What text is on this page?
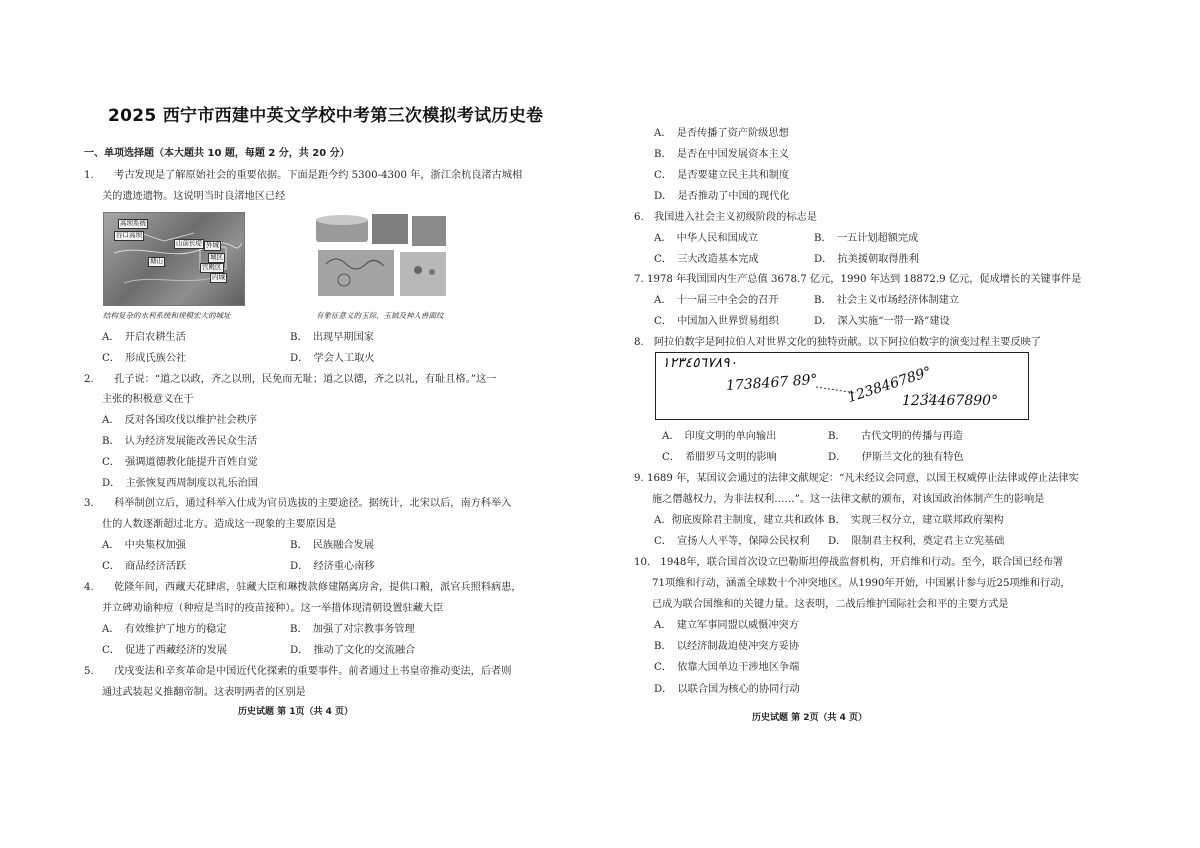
2025 西宁市西建中英文学校中考第三次模拟考试历史卷
一、单项选择题（本大题共 10 题，每题 2 分，共 20 分）
1.　　考古发现是了解原始社会的重要依据。下面是距今约 5300-4300 年，浙江余杭良渚古城相
关的遗迹遗物。这说明当时良渚地区已经
高坝系统
谷口高坝
山前长堤
塘山
外城
城区
宫殿区
内城
结构复杂的水利系统和规模宏大的城址	有象征意义的玉琮、玉钺及神人兽面纹
A．　开启农耕生活	B．　出现早期国家
C．　形成氏族公社	D．　学会人工取火
2.　　孔子说：“道之以政，齐之以刑，民免而无耻；道之以德，齐之以礼，有耻且格。”这一
主张的积极意义在于
A．　反对各国攻伐以维护社会秩序
B．　认为经济发展能改善民众生活
C．　强调道德教化能提升百姓自觉
D．　主张恢复西周制度以礼乐治国
3.　　科举制创立后，通过科举入仕成为官员选拔的主要途径。据统计，北宋以后，南方科举入
仕的人数逐渐超过北方。造成这一现象的主要原因是
A．　中央集权加强	B．　民族融合发展
C．　商品经济活跃	D．　经济重心南移
4.　　乾隆年间，西藏天花肆虐，驻藏大臣和琳拨款修建隔离房舍，提供口粮，派官兵照料病患，
并立碑劝谕种痘（种痘是当时的疫苗接种）。这一举措体现清朝设置驻藏大臣
A．　有效维护了地方的稳定	B．　加强了对宗教事务管理
C．　促进了西藏经济的发展	D．　推动了文化的交流融合
5.　　戊戌变法和辛亥革命是中国近代化探索的重要事件。前者通过上书皇帝推动变法，后者则
通过武装起义推翻帝制。这表明两者的区别是
历史试题 第 1页（共 4 页）
A．　是否传播了资产阶级思想
B．　是否在中国发展资本主义
C．　是否要建立民主共和制度
D．　是否推动了中国的现代化
6.　我国进入社会主义初级阶段的标志是
A．　中华人民和国成立	B．　一五计划超额完成
C．　三大改造基本完成	D．　抗美援朝取得胜利
7. 1978 年我国国内生产总值 3678.7 亿元，1990 年达到 18872.9 亿元，促成增长的关键事件是
A．　十一届三中全会的召开	B．　社会主义市场经济体制建立
C．　中国加入世界贸易组织	D．　深入实施“一带一路”建设
8.　阿拉伯数字是阿拉伯人对世界文化的独特贡献。以下阿拉伯数字的演变过程主要反映了
١٢٣٤٥٦٧٨٩٠
1738467 89° 123846789°
1234467890°
A．　印度文明的单向输出	B．　　古代文明的传播与再造
C．　希腊罗马文明的影响	D．　　伊斯兰文化的独有特色
9. 1689 年，某国议会通过的法律文献规定：“凡未经议会同意，以国王权威停止法律或停止法律实
施之僭越权力，为非法权利……”。这一法律文献的颁布，对该国政治体制产生的影响是
A．彻底废除君主制度，建立共和政体 B．　实现三权分立，建立联邦政府架构
C．　宣扬人人平等，保障公民权利 D．　限制君主权利，奠定君主立宪基础
10.　1948年，联合国首次设立巴勒斯坦停战监督机构，开启维和行动。至今，联合国已经布署
71项维和行动，涵盖全球数十个冲突地区。从1990年开始，中国累计参与近25项维和行动，
已成为联合国维和的关键力量。这表明，二战后维护国际社会和平的主要方式是
A．　建立军事同盟以威慑冲突方
B．　以经济制裁迫使冲突方妥协
C．　依靠大国单边干涉地区争端
D．　以联合国为核心的协同行动
历史试题 第 2页（共 4 页）
